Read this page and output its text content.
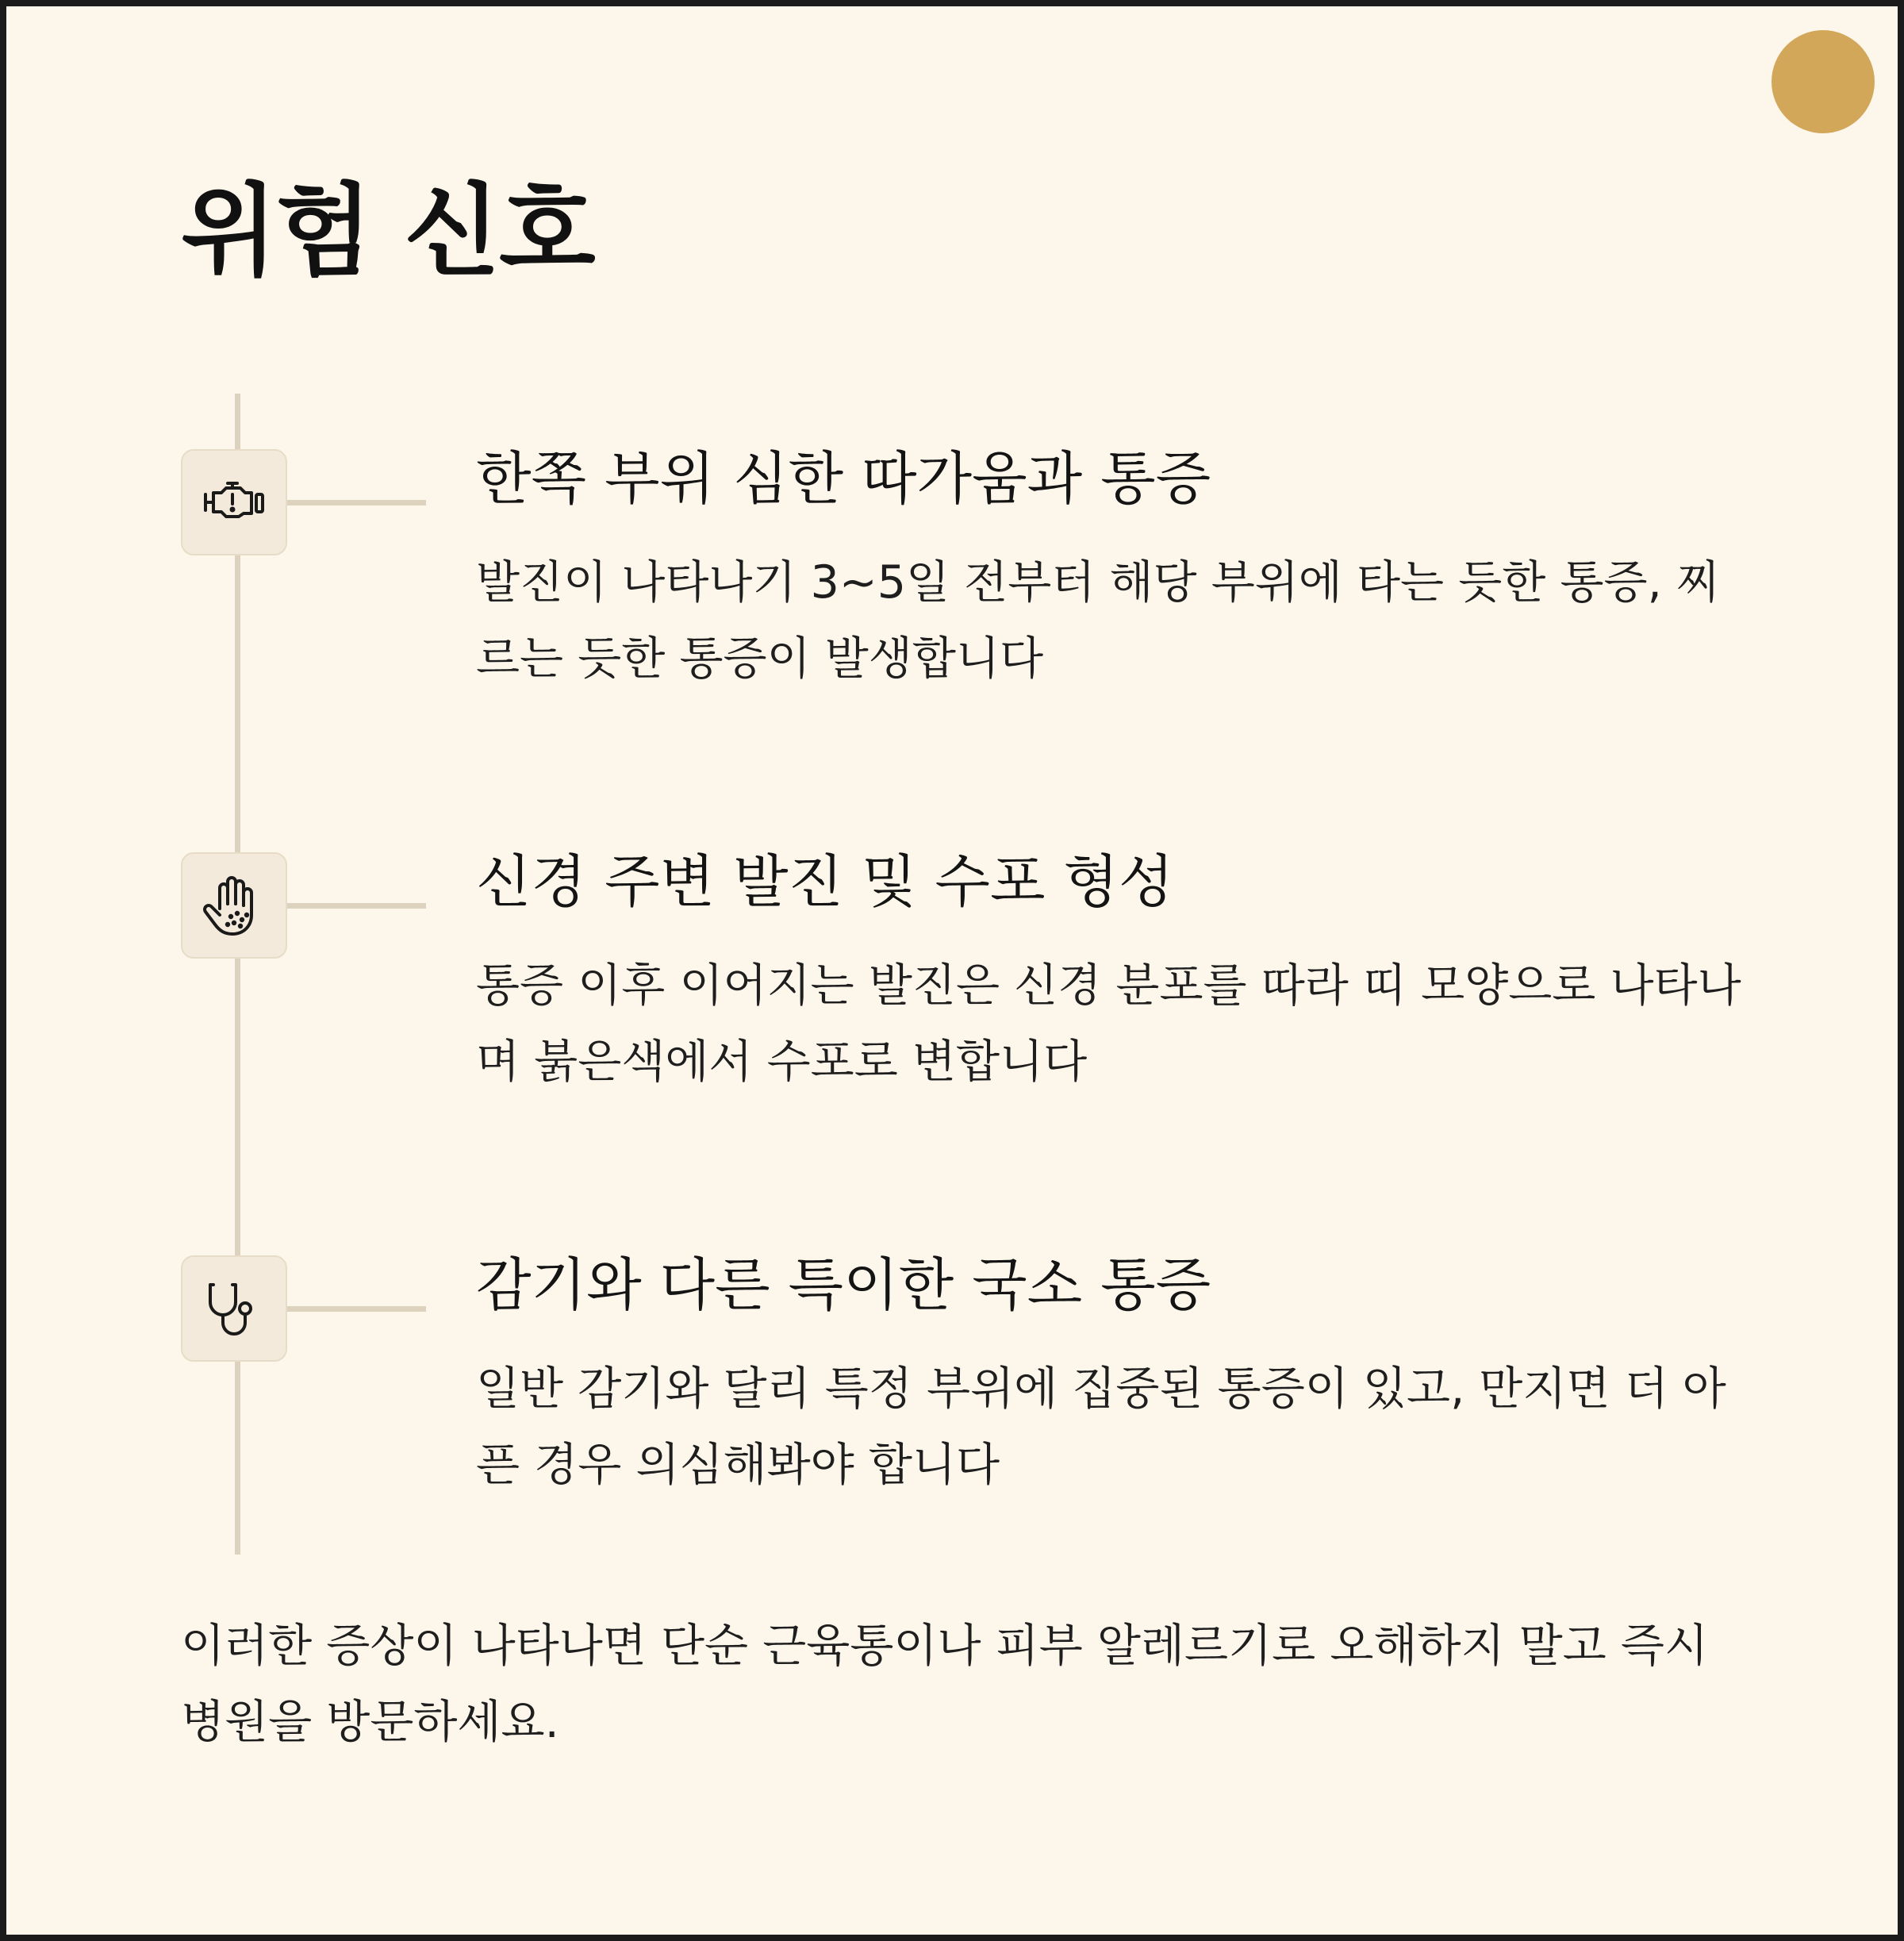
위험 신호
한쪽 부위 심한 따가움과 통증

발진이 나타나기 3~5일 전부터 해당 부위에 타는 듯한 통증, 찌르는 듯한 통증이 발생합니다

신경 주변 발진 및 수포 형성

통증 이후 이어지는 발진은 신경 분포를 따라 띠 모양으로 나타나며 붉은색에서 수포로 변합니다

감기와 다른 특이한 국소 통증

일반 감기와 달리 특정 부위에 집중된 통증이 있고, 만지면 더 아픈 경우 의심해봐야 합니다

이러한 증상이 나타나면 단순 근육통이나 피부 알레르기로 오해하지 말고 즉시 병원을 방문하세요.
